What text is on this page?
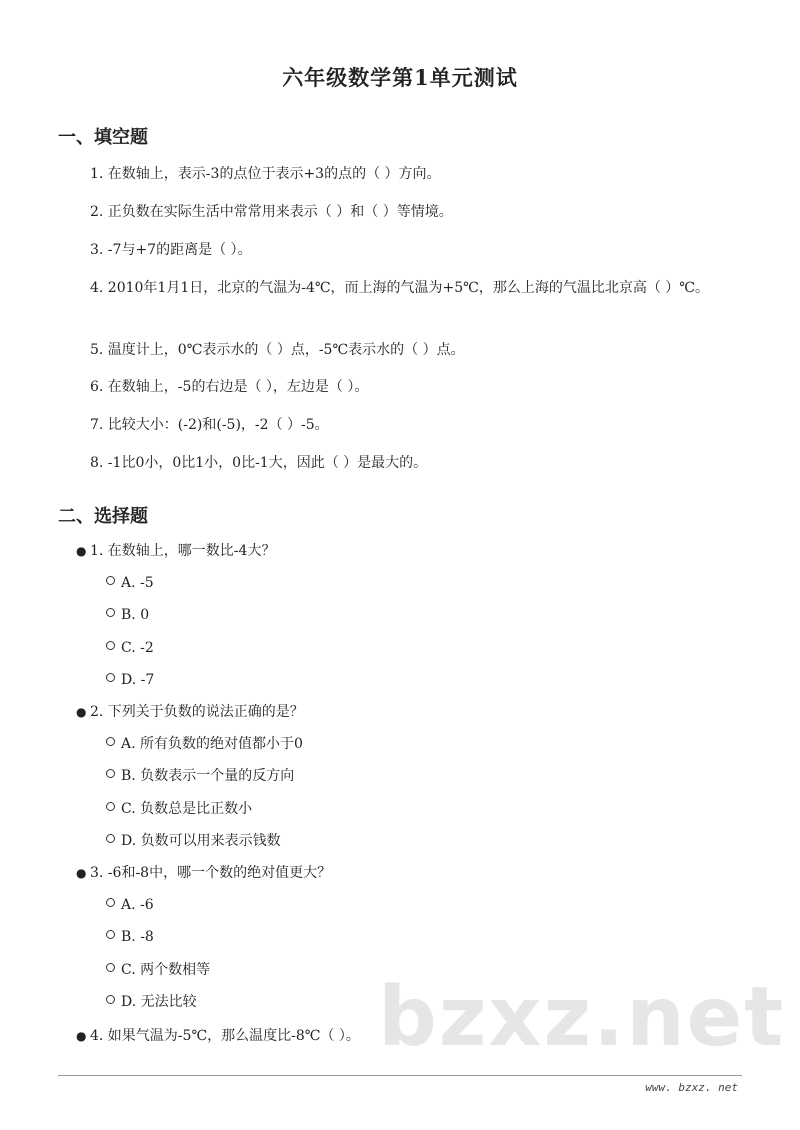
bzxz.net
六年级数学第1单元测试
一、填空题
1. 在数轴上，表示-3的点位于表示+3的点的（ ）方向。
2. 正负数在实际生活中常常用来表示（ ）和（ ）等情境。
3. -7与+7的距离是（ ）。
4. 2010年1月1日，北京的气温为-4℃，而上海的气温为+5℃，那么上海的气温比北京高（ ）℃。
5. 温度计上，0℃表示水的（ ）点，-5℃表示水的（ ）点。
6. 在数轴上，-5的右边是（ ），左边是（ ）。
7. 比较大小：(-2)和(-5)，-2（ ）-5。
8. -1比0小，0比1小，0比-1大，因此（ ）是最大的。
二、选择题
● 1. 在数轴上，哪一数比-4大？
A. -5
B. 0
C. -2
D. -7
● 2. 下列关于负数的说法正确的是？
A. 所有负数的绝对值都小于0
B. 负数表示一个量的反方向
C. 负数总是比正数小
D. 负数可以用来表示钱数
● 3. -6和-8中，哪一个数的绝对值更大？
A. -6
B. -8
C. 两个数相等
D. 无法比较
● 4. 如果气温为-5℃，那么温度比-8℃（ ）。
www. bzxz. net
